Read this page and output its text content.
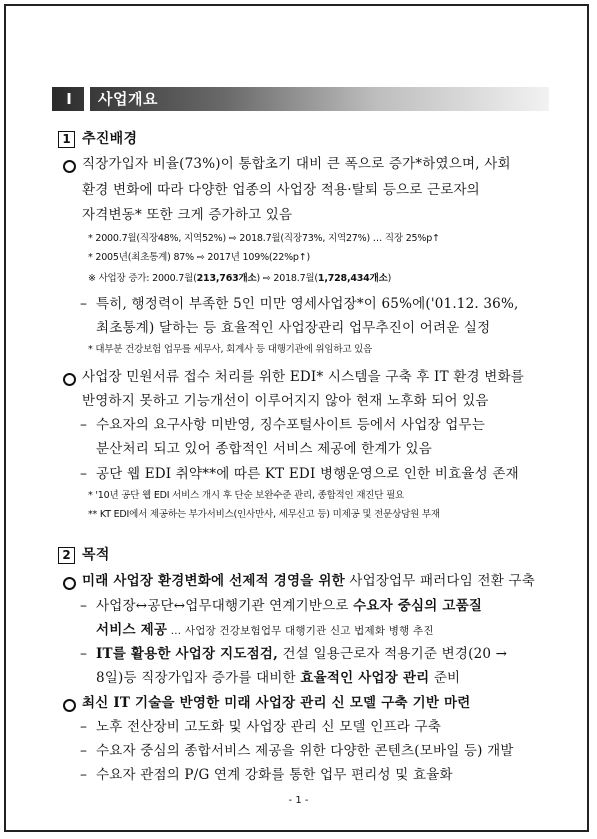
Ⅰ	사업개요
1 추진배경
직장가입자 비율(73%)이 통합초기 대비 큰 폭으로 증가*하였으며, 사회
환경 변화에 따라 다양한 업종의 사업장 적용·탈퇴 등으로 근로자의
자격변동* 또한 크게 증가하고 있음
* 2000.7월(직장48%, 지역52%) ⇨ 2018.7월(직장73%, 지역27%) … 직장 25%p↑
* 2005년(최초통계) 87% ⇨ 2017년 109%(22%p↑)
※ 사업장 증가: 2000.7월(213,763개소) ⇨ 2018.7월(1,728,434개소)
– 특히, 행정력이 부족한 5인 미만 영세사업장*이 65%에('01.12. 36%,
최초통계) 달하는 등 효율적인 사업장관리 업무추진이 어려운 실정
* 대부분 건강보험 업무를 세무사, 회계사 등 대행기관에 위임하고 있음
사업장 민원서류 접수 처리를 위한 EDI* 시스템을 구축 후 IT 환경 변화를
반영하지 못하고 기능개선이 이루어지지 않아 현재 노후화 되어 있음
– 수요자의 요구사항 미반영, 징수포털사이트 등에서 사업장 업무는
분산처리 되고 있어 종합적인 서비스 제공에 한계가 있음
– 공단 웹 EDI 취약**에 따른 KT EDI 병행운영으로 인한 비효율성 존재
* '10년 공단 웹 EDI 서비스 개시 후 단순 보완수준 관리, 종합적인 재진단 필요
** KT EDI에서 제공하는 부가서비스(인사만사, 세무신고 등) 미제공 및 전문상담원 부재
2 목적
미래 사업장 환경변화에 선제적 경영을 위한 사업장업무 패러다임 전환 구축
– 사업장↔공단↔업무대행기관 연계기반으로 수요자 중심의 고품질
서비스 제공 … 사업장 건강보험업무 대행기관 신고 법제화 병행 추진
– IT를 활용한 사업장 지도점검, 건설 일용근로자 적용기준 변경(20 →
8일)등 직장가입자 증가를 대비한 효율적인 사업장 관리 준비
최신 IT 기술을 반영한 미래 사업장 관리 신 모델 구축 기반 마련
– 노후 전산장비 고도화 및 사업장 관리 신 모델 인프라 구축
– 수요자 중심의 종합서비스 제공을 위한 다양한 콘텐츠(모바일 등) 개발
– 수요자 관점의 P/G 연계 강화를 통한 업무 편리성 및 효율화
- 1 -
